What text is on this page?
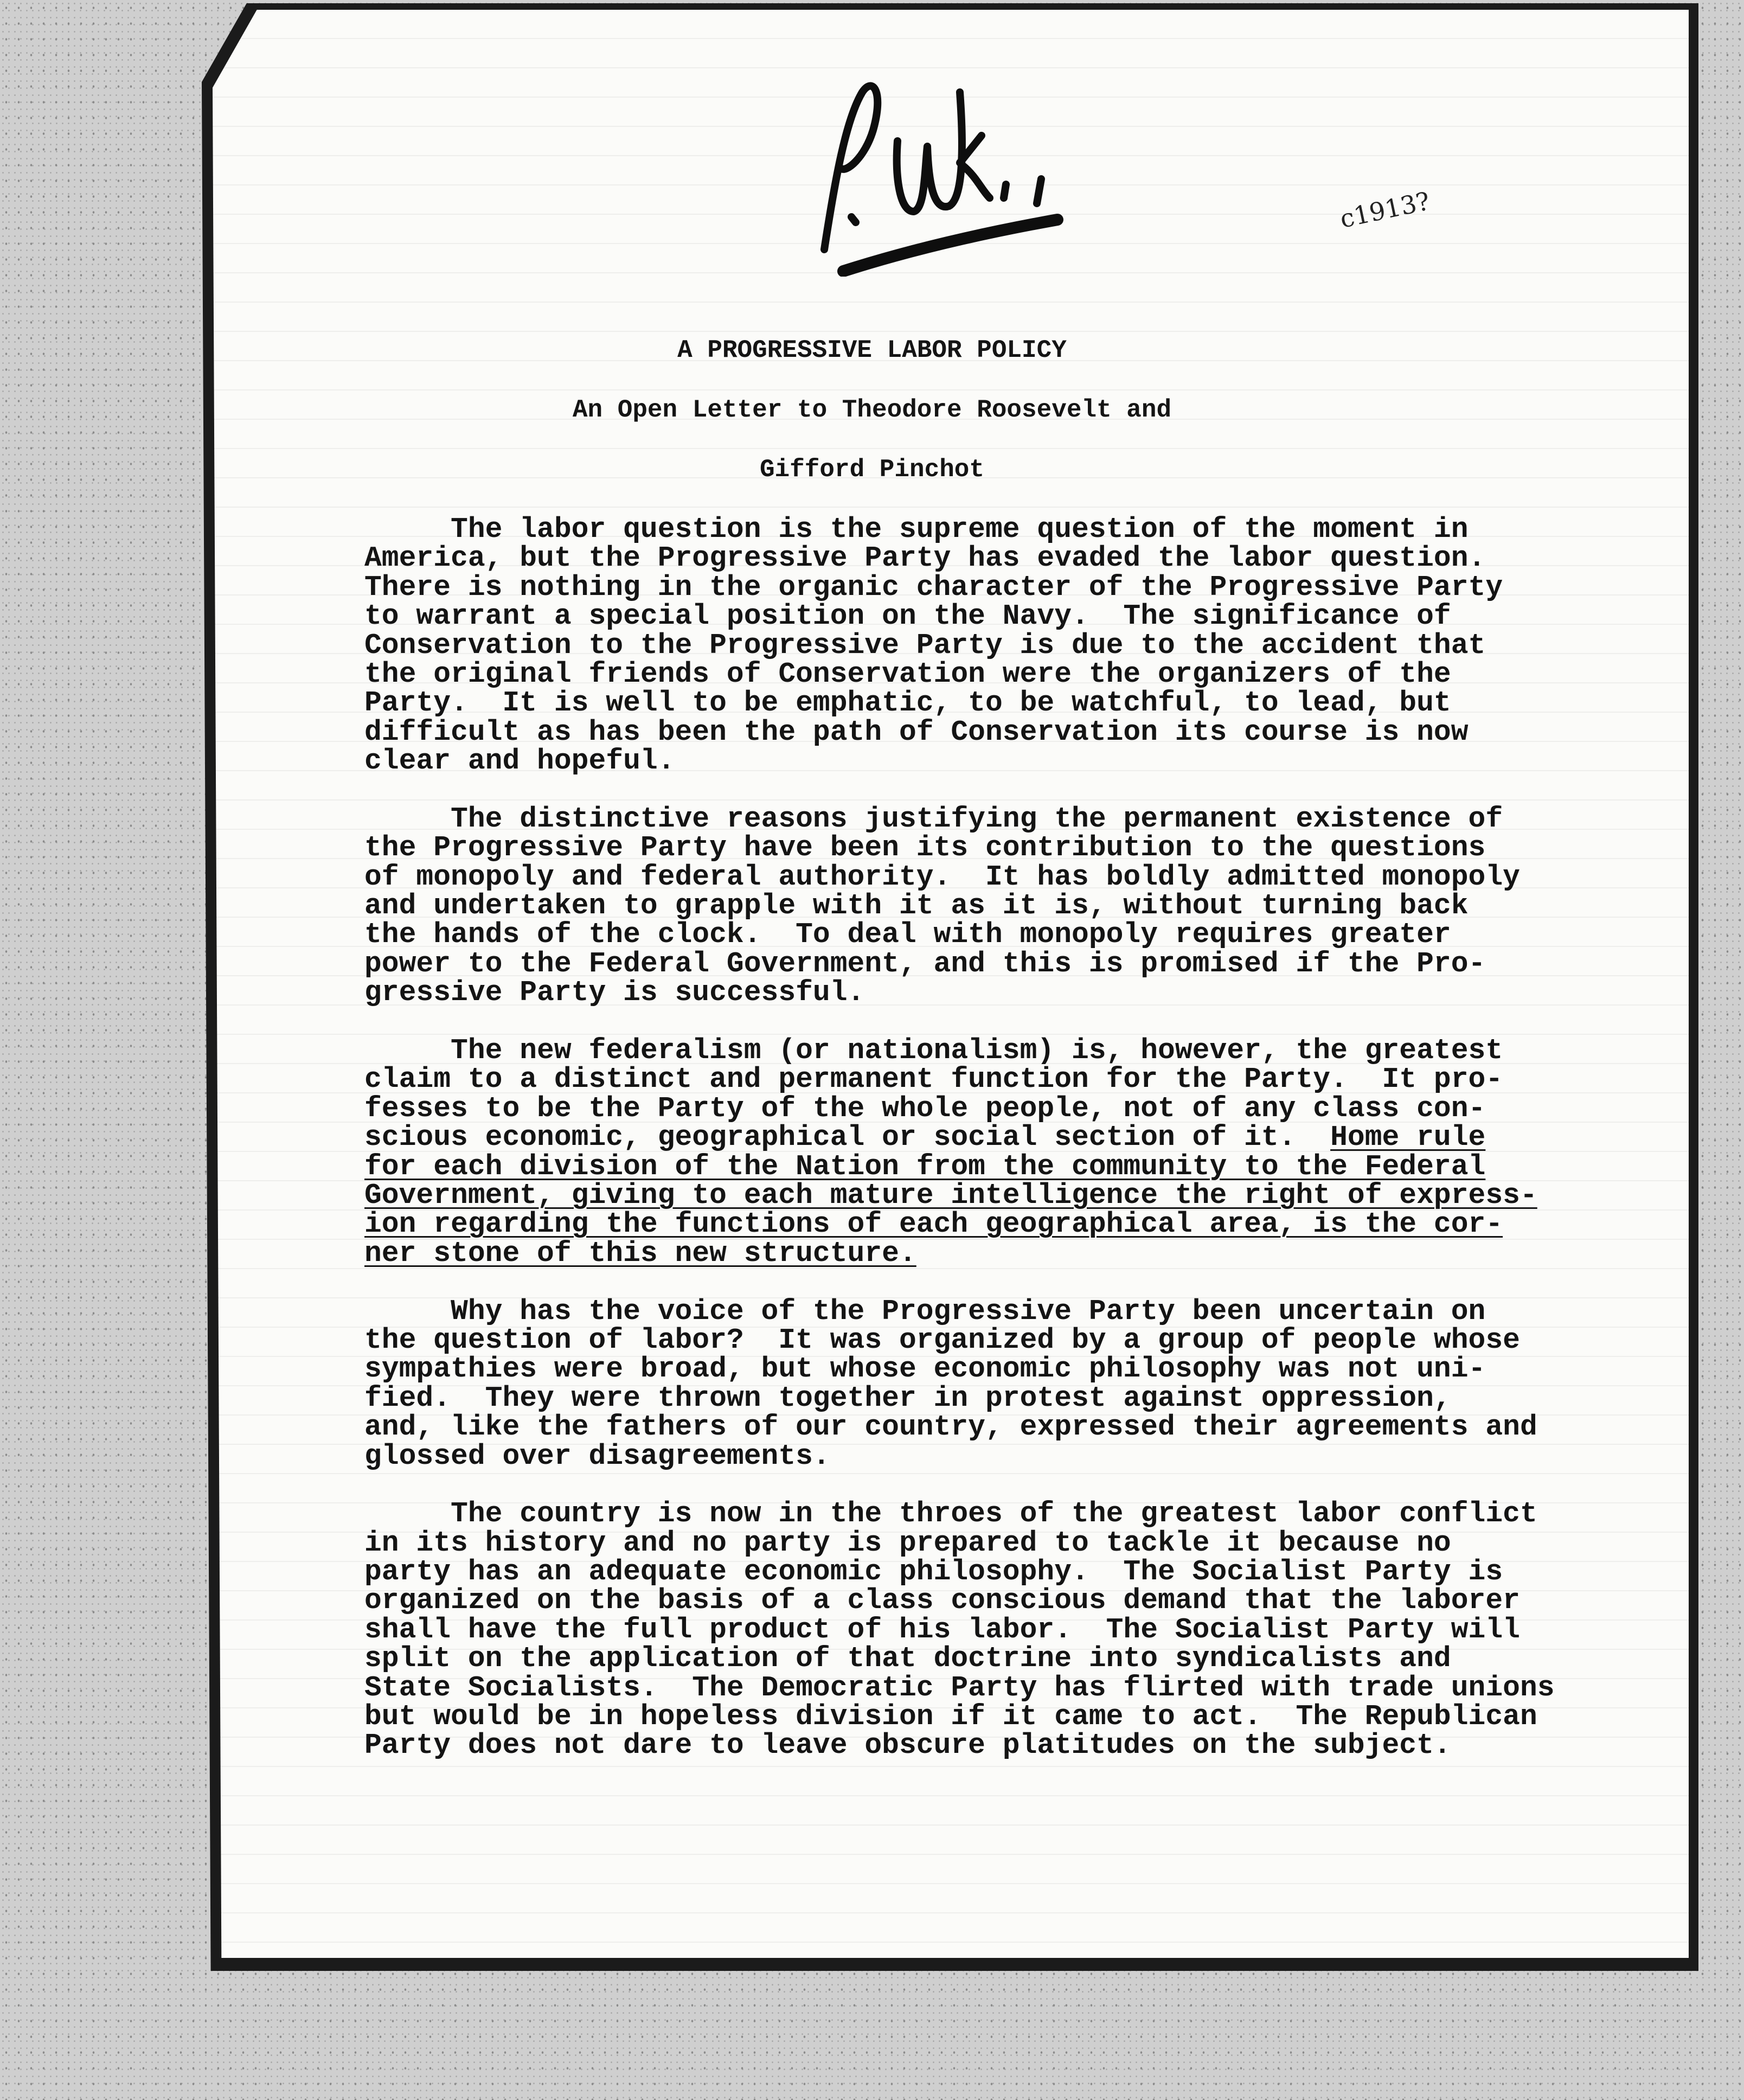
c1913?
A PROGRESSIVE LABOR POLICY
An Open Letter to Theodore Roosevelt and
Gifford Pinchot
The labor question is the supreme question of the moment in
America, but the Progressive Party has evaded the labor question.
There is nothing in the organic character of the Progressive Party
to warrant a special position on the Navy.  The significance of
Conservation to the Progressive Party is due to the accident that
the original friends of Conservation were the organizers of the
Party.  It is well to be emphatic, to be watchful, to lead, but
difficult as has been the path of Conservation its course is now
clear and hopeful.
The distinctive reasons justifying the permanent existence of
the Progressive Party have been its contribution to the questions
of monopoly and federal authority.  It has boldly admitted monopoly
and undertaken to grapple with it as it is, without turning back
the hands of the clock.  To deal with monopoly requires greater
power to the Federal Government, and this is promised if the Pro-
gressive Party is successful.
The new federalism (or nationalism) is, however, the greatest
claim to a distinct and permanent function for the Party.  It pro-
fesses to be the Party of the whole people, not of any class con-
scious economic, geographical or social section of it.  Home rule
for each division of the Nation from the community to the Federal
Government, giving to each mature intelligence the right of express-
ion regarding the functions of each geographical area, is the cor-
ner stone of this new structure.
Why has the voice of the Progressive Party been uncertain on
the question of labor?  It was organized by a group of people whose
sympathies were broad, but whose economic philosophy was not uni-
fied.  They were thrown together in protest against oppression,
and, like the fathers of our country, expressed their agreements and
glossed over disagreements.
The country is now in the throes of the greatest labor conflict
in its history and no party is prepared to tackle it because no
party has an adequate economic philosophy.  The Socialist Party is
organized on the basis of a class conscious demand that the laborer
shall have the full product of his labor.  The Socialist Party will
split on the application of that doctrine into syndicalists and
State Socialists.  The Democratic Party has flirted with trade unions
but would be in hopeless division if it came to act.  The Republican
Party does not dare to leave obscure platitudes on the subject.
